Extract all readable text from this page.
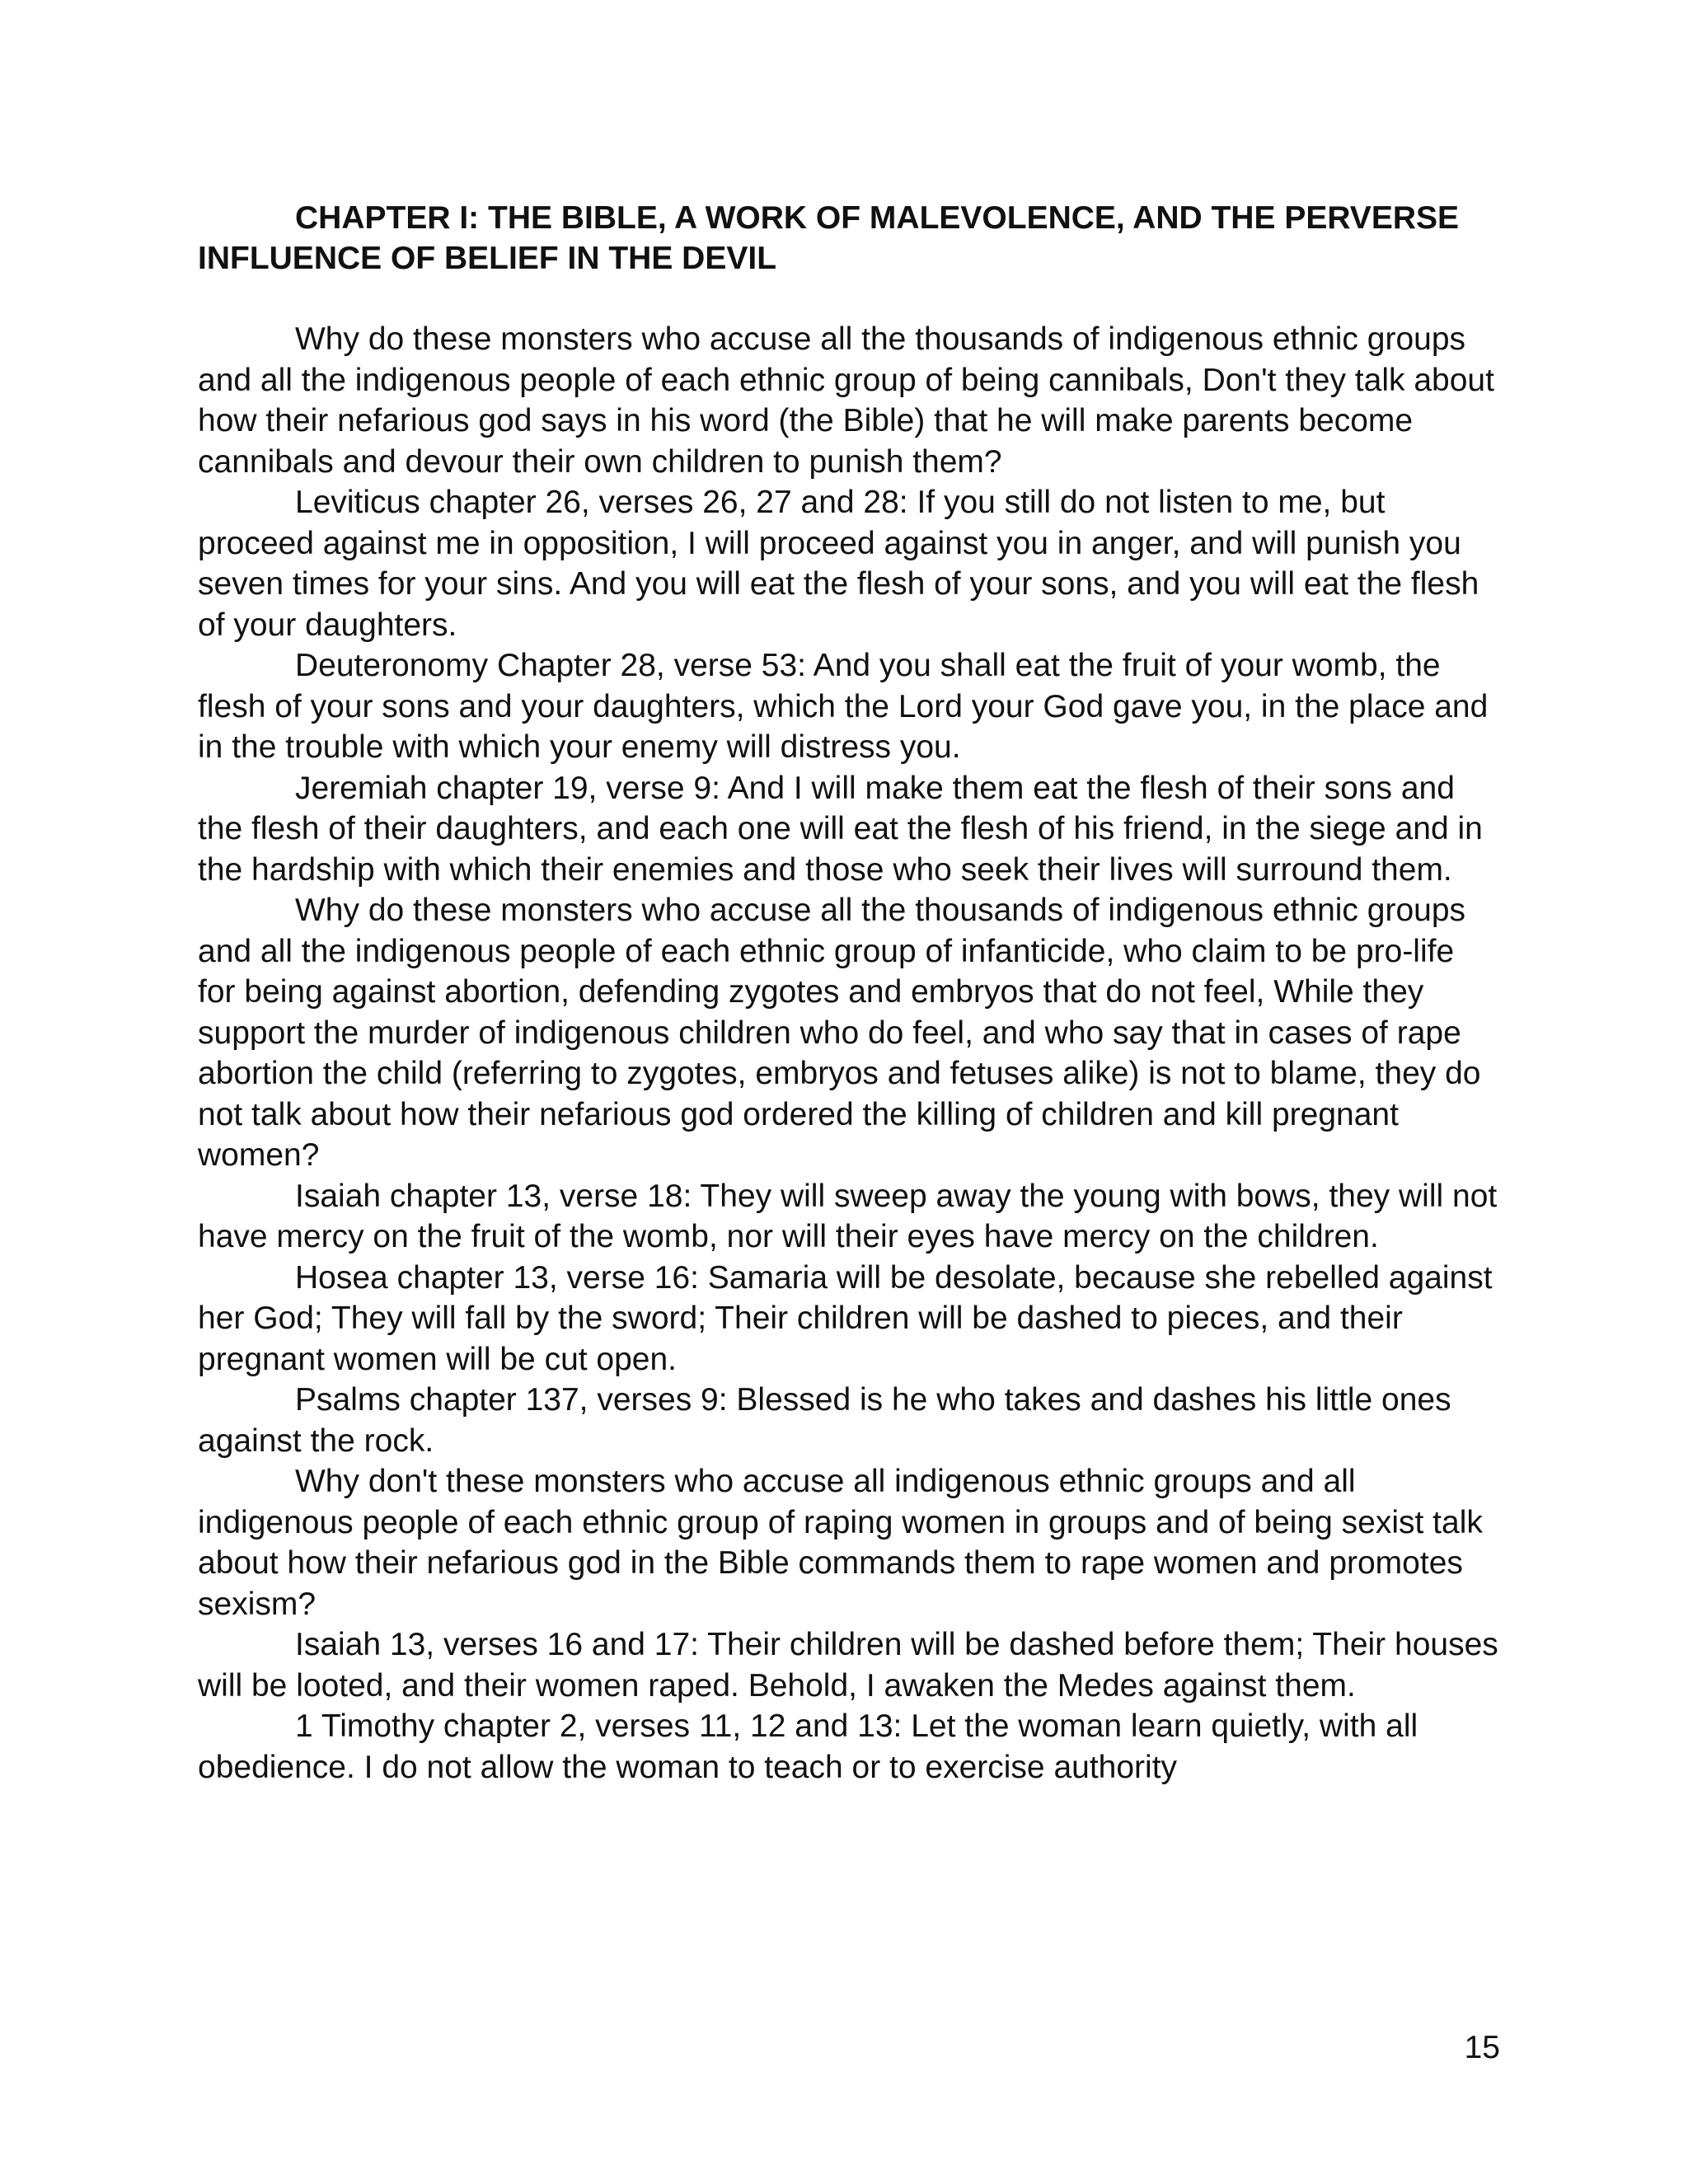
CHAPTER I: THE BIBLE, A WORK OF MALEVOLENCE, AND THE PERVERSE INFLUENCE OF BELIEF IN THE DEVIL

Why do these monsters who accuse all the thousands of indigenous ethnic groups and all the indigenous people of each ethnic group of being cannibals, Don't they talk about how their nefarious god says in his word (the Bible) that he will make parents become cannibals and devour their own children to punish them?

Leviticus chapter 26, verses 26, 27 and 28: If you still do not listen to me, but proceed against me in opposition, I will proceed against you in anger, and will punish you seven times for your sins. And you will eat the flesh of your sons, and you will eat the flesh of your daughters.

Deuteronomy Chapter 28, verse 53: And you shall eat the fruit of your womb, the flesh of your sons and your daughters, which the Lord your God gave you, in the place and in the trouble with which your enemy will distress you.

Jeremiah chapter 19, verse 9: And I will make them eat the flesh of their sons and the flesh of their daughters, and each one will eat the flesh of his friend, in the siege and in the hardship with which their enemies and those who seek their lives will surround them.

Why do these monsters who accuse all the thousands of indigenous ethnic groups and all the indigenous people of each ethnic group of infanticide, who claim to be pro-life for being against abortion, defending zygotes and embryos that do not feel, While they support the murder of indigenous children who do feel, and who say that in cases of rape abortion the child (referring to zygotes, embryos and fetuses alike) is not to blame, they do not talk about how their nefarious god ordered the killing of children and kill pregnant women?

Isaiah chapter 13, verse 18: They will sweep away the young with bows, they will not have mercy on the fruit of the womb, nor will their eyes have mercy on the children.

Hosea chapter 13, verse 16: Samaria will be desolate, because she rebelled against her God; They will fall by the sword; Their children will be dashed to pieces, and their pregnant women will be cut open.

Psalms chapter 137, verses 9: Blessed is he who takes and dashes his little ones against the rock.

Why don't these monsters who accuse all indigenous ethnic groups and all indigenous people of each ethnic group of raping women in groups and of being sexist talk about how their nefarious god in the Bible commands them to rape women and promotes sexism?

Isaiah 13, verses 16 and 17: Their children will be dashed before them; Their houses will be looted, and their women raped. Behold, I awaken the Medes against them.

1 Timothy chapter 2, verses 11, 12 and 13: Let the woman learn quietly, with all obedience. I do not allow the woman to teach or to exercise authority

15
